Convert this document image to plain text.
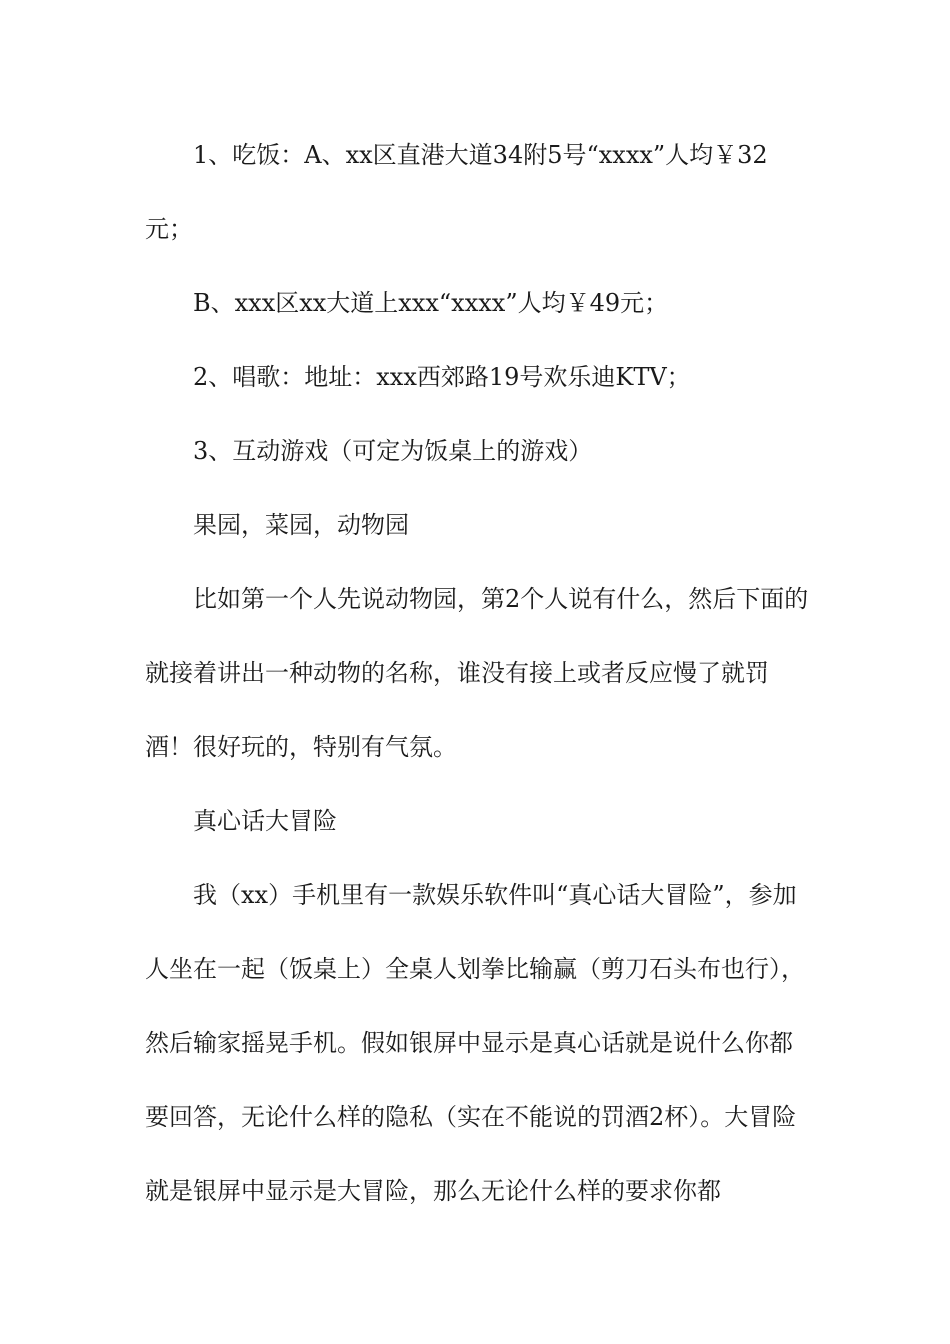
1、吃饭：A、xx区直港大道34附5号“xxxx”人均￥32元；

B、xxx区xx大道上xxx“xxxx”人均￥49元；

2、唱歌：地址：xxx西郊路19号欢乐迪KTV；

3、互动游戏（可定为饭桌上的游戏）

果园，菜园，动物园

比如第一个人先说动物园，第2个人说有什么，然后下面的就接着讲出一种动物的名称，谁没有接上或者反应慢了就罚酒！很好玩的，特别有气氛。

真心话大冒险

我（xx）手机里有一款娱乐软件叫“真心话大冒险”，参加人坐在一起（饭桌上）全桌人划拳比输赢（剪刀石头布也行），然后输家摇晃手机。假如银屏中显示是真心话就是说什么你都要回答，无论什么样的隐私（实在不能说的罚酒2杯）。大冒险就是银屏中显示是大冒险，那么无论什么样的要求你都
